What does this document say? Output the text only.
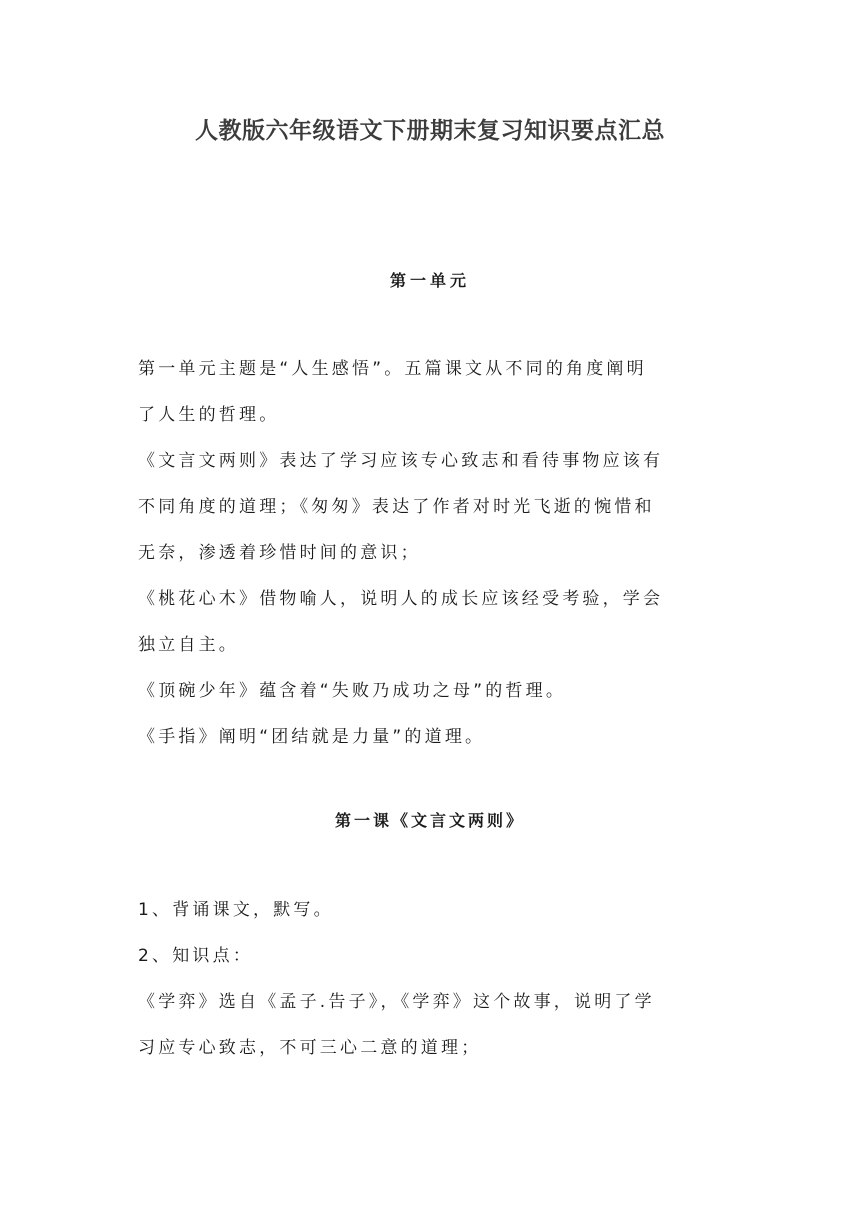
人教版六年级语文下册期末复习知识要点汇总
第一单元
第一单元主题是“人生感悟”。五篇课文从不同的角度阐明
了人生的哲理。
《文言文两则》表达了学习应该专心致志和看待事物应该有
不同角度的道理；《匆匆》表达了作者对时光飞逝的惋惜和
无奈，渗透着珍惜时间的意识；
《桃花心木》借物喻人，说明人的成长应该经受考验，学会
独立自主。
《顶碗少年》蕴含着“失败乃成功之母”的哲理。
《手指》阐明“团结就是力量”的道理。
第一课《文言文两则》
1、背诵课文，默写。
2、知识点：
《学弈》选自《孟子.告子》，《学弈》这个故事，说明了学
习应专心致志，不可三心二意的道理；
